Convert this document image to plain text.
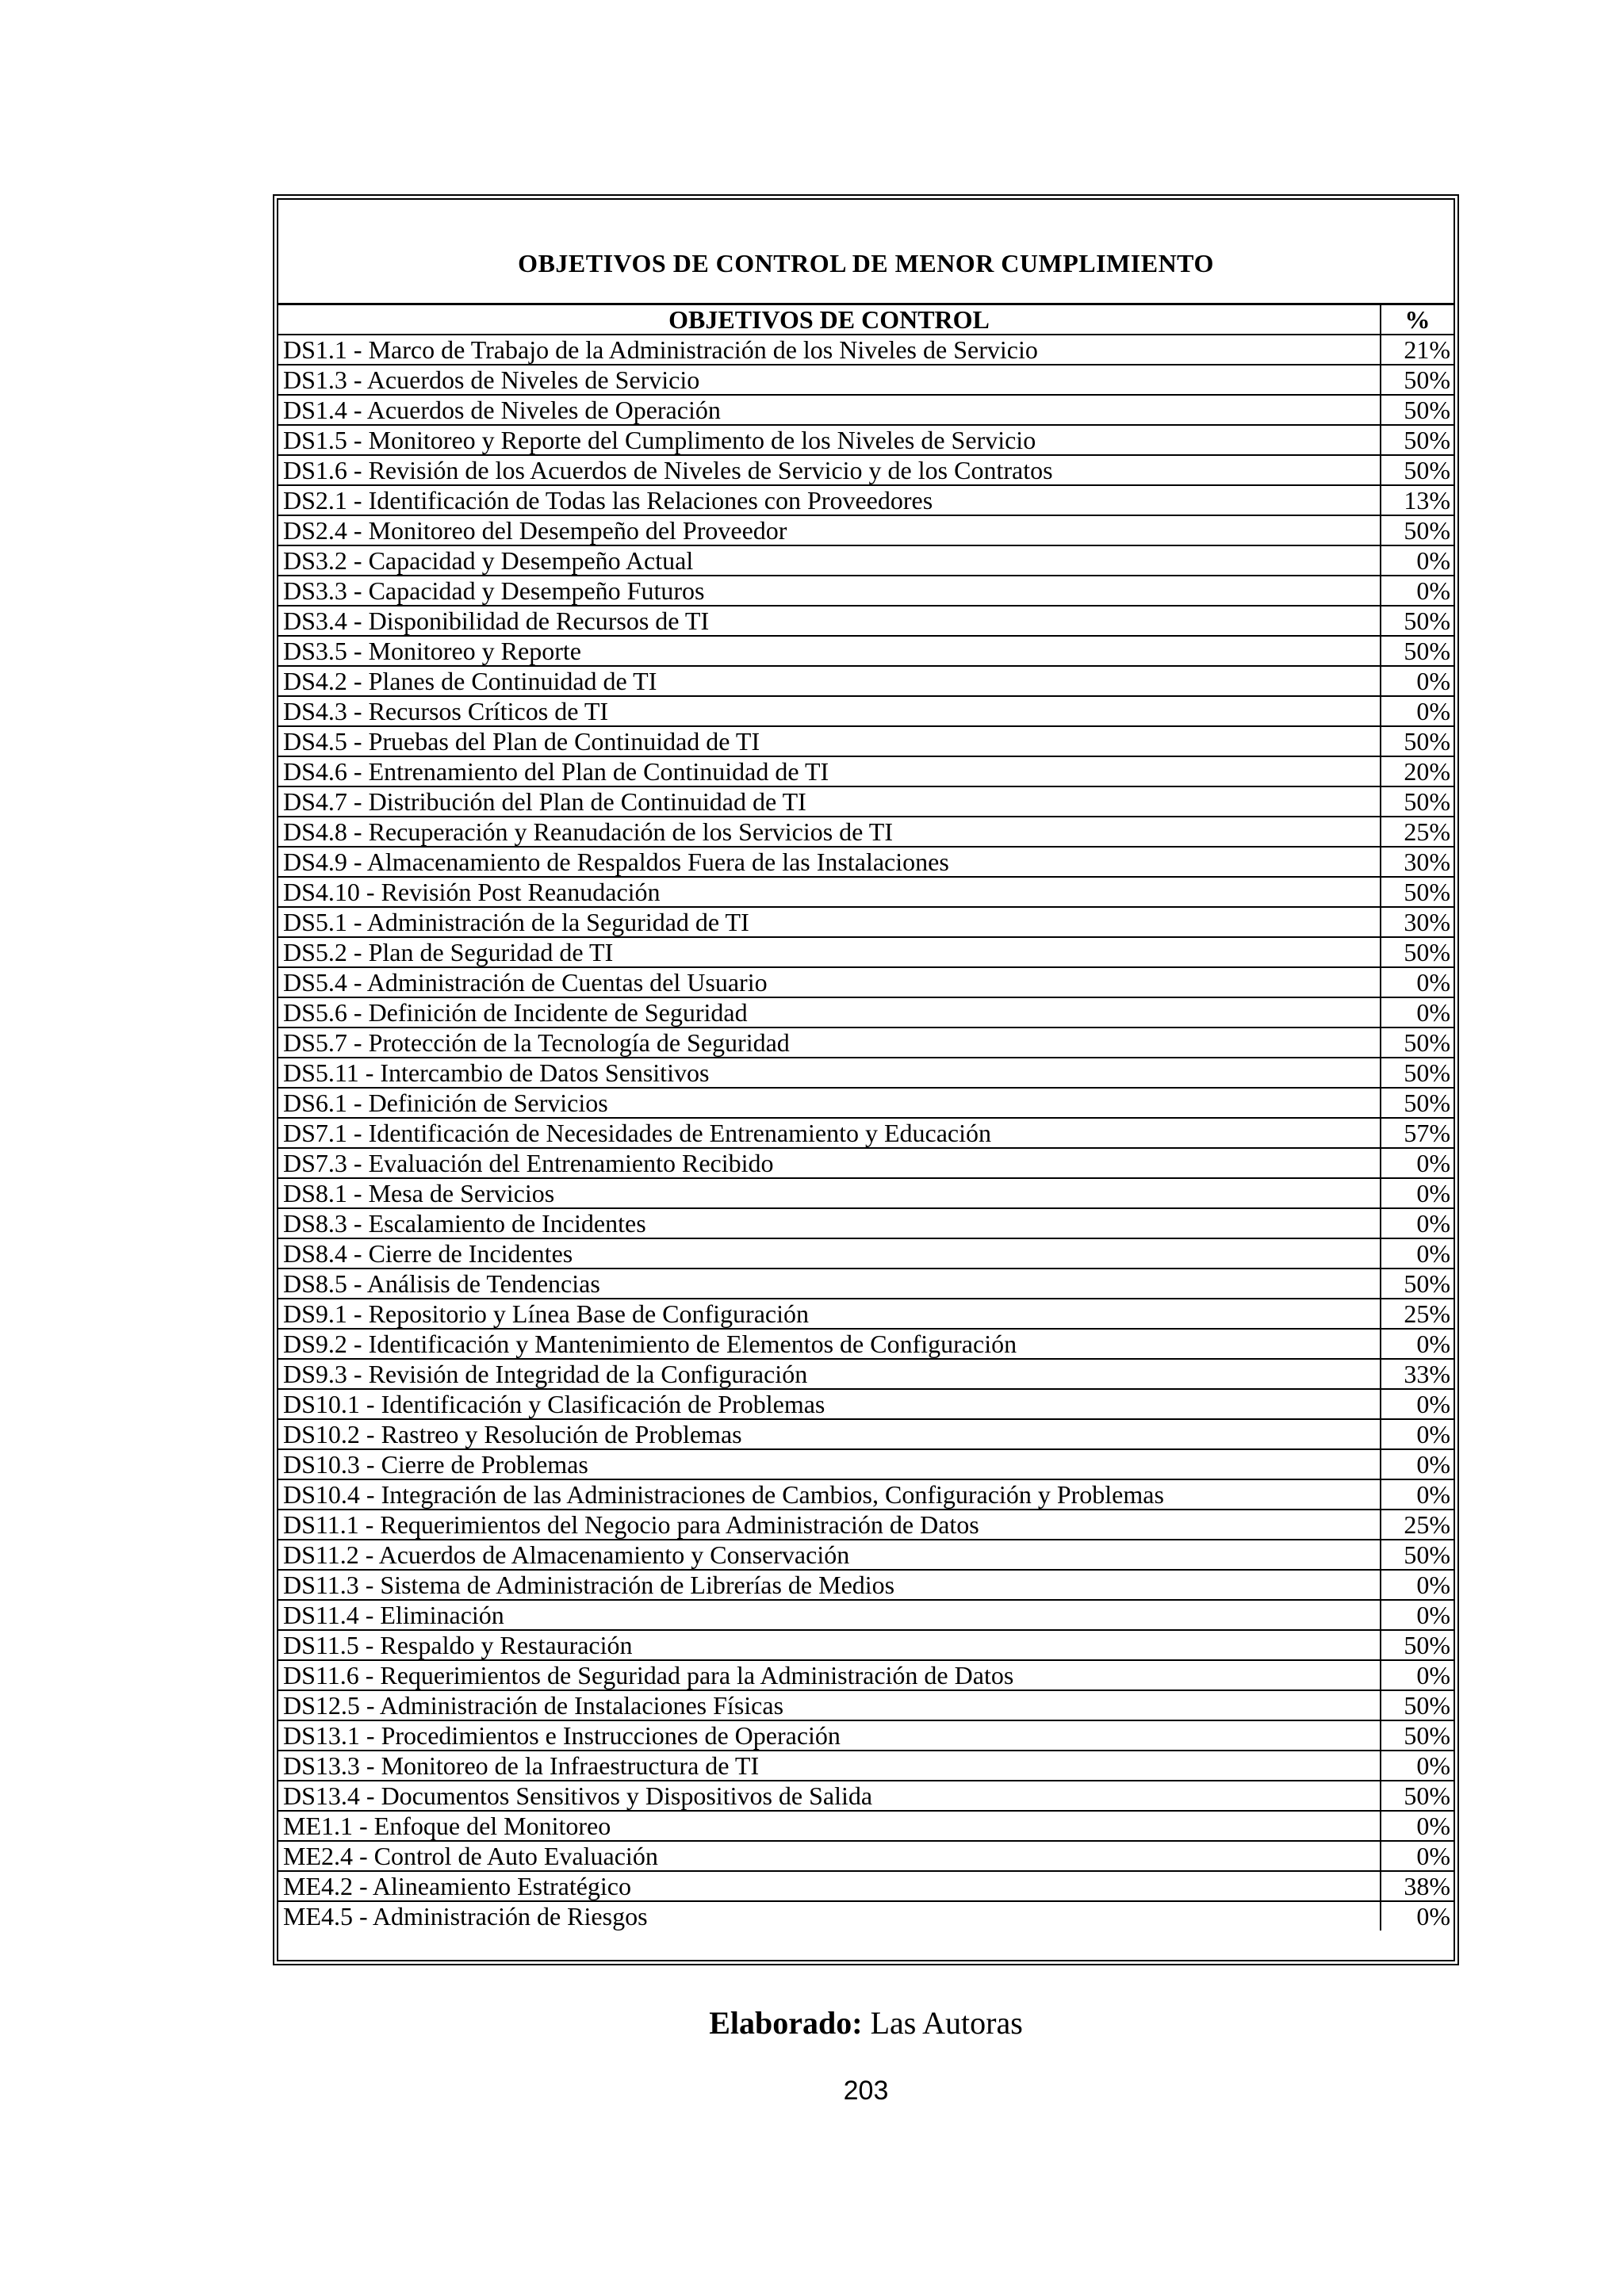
OBJETIVOS DE CONTROL DE MENOR CUMPLIMIENTO
OBJETIVOS DE CONTROL	%
DS1.1 - Marco de Trabajo de la Administración de los Niveles de Servicio	21%
DS1.3 - Acuerdos de Niveles de Servicio	50%
DS1.4 - Acuerdos de Niveles de Operación	50%
DS1.5 - Monitoreo y Reporte del Cumplimento de los Niveles de Servicio	50%
DS1.6 - Revisión de los Acuerdos de Niveles de Servicio y de los Contratos	50%
DS2.1 - Identificación de Todas las Relaciones con Proveedores	13%
DS2.4 - Monitoreo del Desempeño del Proveedor	50%
DS3.2 - Capacidad y Desempeño Actual	0%
DS3.3 - Capacidad y Desempeño Futuros	0%
DS3.4 - Disponibilidad de Recursos de TI	50%
DS3.5 - Monitoreo y Reporte	50%
DS4.2 - Planes de Continuidad de TI	0%
DS4.3 - Recursos Críticos de TI	0%
DS4.5 - Pruebas del Plan de Continuidad de TI	50%
DS4.6 - Entrenamiento del Plan de Continuidad de TI	20%
DS4.7 - Distribución del Plan de Continuidad de TI	50%
DS4.8 - Recuperación y Reanudación de los Servicios de TI	25%
DS4.9 - Almacenamiento de Respaldos Fuera de las Instalaciones	30%
DS4.10 - Revisión Post Reanudación	50%
DS5.1 - Administración de la Seguridad de TI	30%
DS5.2 - Plan de Seguridad de TI	50%
DS5.4 - Administración de Cuentas del Usuario	0%
DS5.6 - Definición de Incidente de Seguridad	0%
DS5.7 - Protección de la Tecnología de Seguridad	50%
DS5.11 - Intercambio de Datos Sensitivos	50%
DS6.1 - Definición de Servicios	50%
DS7.1 - Identificación de Necesidades de Entrenamiento y Educación	57%
DS7.3 - Evaluación del Entrenamiento Recibido	0%
DS8.1 - Mesa de Servicios	0%
DS8.3 - Escalamiento de Incidentes	0%
DS8.4 - Cierre de Incidentes	0%
DS8.5 - Análisis de Tendencias	50%
DS9.1 - Repositorio y Línea Base de Configuración	25%
DS9.2 - Identificación y Mantenimiento de Elementos de Configuración	0%
DS9.3 - Revisión de Integridad de la Configuración	33%
DS10.1 - Identificación y Clasificación de Problemas	0%
DS10.2 - Rastreo y Resolución de Problemas	0%
DS10.3 - Cierre de Problemas	0%
DS10.4 - Integración de las Administraciones de Cambios, Configuración y Problemas	0%
DS11.1 - Requerimientos del Negocio para Administración de Datos	25%
DS11.2 - Acuerdos de Almacenamiento y Conservación	50%
DS11.3 - Sistema de Administración de Librerías de Medios	0%
DS11.4 - Eliminación	0%
DS11.5 - Respaldo y Restauración	50%
DS11.6 - Requerimientos de Seguridad para la Administración de Datos	0%
DS12.5 - Administración de Instalaciones Físicas	50%
DS13.1 - Procedimientos e Instrucciones de Operación	50%
DS13.3 - Monitoreo de la Infraestructura de TI	0%
DS13.4 - Documentos Sensitivos y Dispositivos de Salida	50%
ME1.1 - Enfoque del Monitoreo	0%
ME2.4 - Control de Auto Evaluación	0%
ME4.2 - Alineamiento Estratégico	38%
ME4.5 - Administración de Riesgos	0%
Elaborado: Las Autoras
203
